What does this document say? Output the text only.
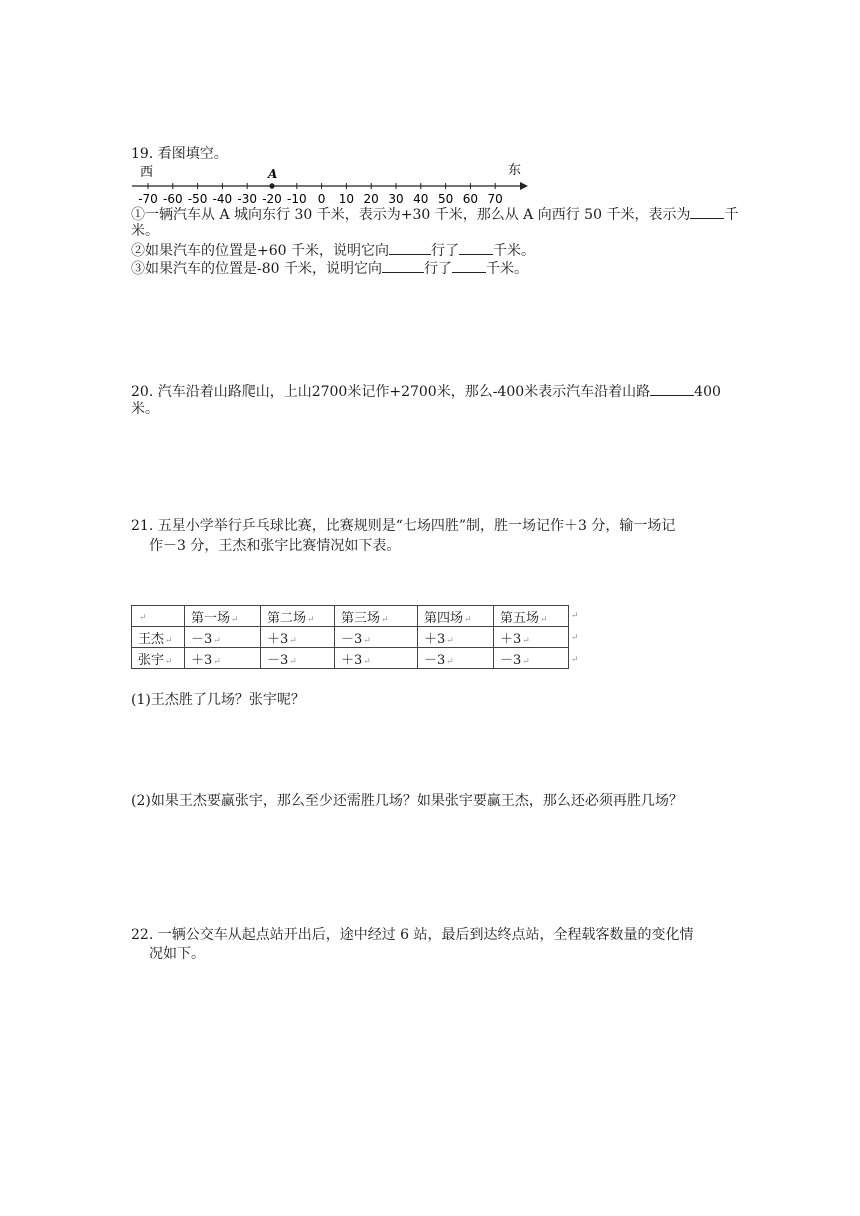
19. 看图填空。
西	东
-70 -60 -50 -40 -30 -20 -10 0 10 20 30 40 50 60 70
A
①一辆汽车从 A 城向东行 30 千米，表示为+30 千米，那么从 A 向西行 50 千米，表示为 千
米。
②如果汽车的位置是+60 千米，说明它向	行了 千米。
③如果汽车的位置是-80 千米，说明它向	行了 千米。
20. 汽车沿着山路爬山，上山2700米记作+2700米，那么-400米表示汽车沿着山路	400
米。
21. 五星小学举行乒乓球比赛，比赛规则是“七场四胜”制，胜一场记作＋3 分，输一场记
作－3 分，王杰和张宇比赛情况如下表。
↵	第一场↵	第二场↵	第三场↵	第四场↵	第五场↵
王杰↵	－3↵	＋3↵	－3↵	＋3↵	＋3↵
张宇↵	＋3↵	－3↵	＋3↵	－3↵	－3↵
↵
↵
↵
(1)王杰胜了几场？张宇呢？
(2)如果王杰要赢张宇，那么至少还需胜几场？如果张宇要赢王杰，那么还必须再胜几场？
22. 一辆公交车从起点站开出后，途中经过 6 站，最后到达终点站，全程载客数量的变化情
况如下。
